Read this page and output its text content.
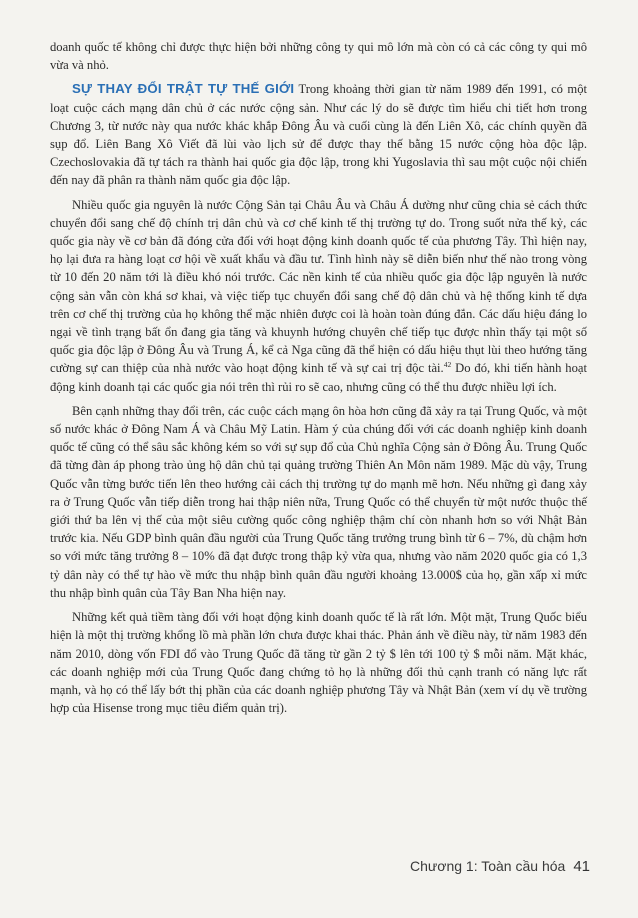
doanh quốc tế không chỉ được thực hiện bởi những công ty qui mô lớn mà còn có cả các công ty qui mô vừa và nhỏ.

SỰ THAY ĐỔI TRẬT TỰ THẾ GIỚI Trong khoảng thời gian từ năm 1989 đến 1991, có một loạt cuộc cách mạng dân chủ ở các nước cộng sản. Như các lý do sẽ được tìm hiểu chi tiết hơn trong Chương 3, từ nước này qua nước khác khắp Đông Âu và cuối cùng là đến Liên Xô, các chính quyền đã sụp đổ. Liên Bang Xô Viết đã lùi vào lịch sử để được thay thế bằng 15 nước cộng hòa độc lập. Czechoslovakia đã tự tách ra thành hai quốc gia độc lập, trong khi Yugoslavia thì sau một cuộc nội chiến đến nay đã phân ra thành năm quốc gia độc lập.

Nhiều quốc gia nguyên là nước Cộng Sản tại Châu Âu và Châu Á dường như cũng chia sẻ cách thức chuyển đổi sang chế độ chính trị dân chủ và cơ chế kinh tế thị trường tự do. Trong suốt nửa thế kỷ, các quốc gia này về cơ bản đã đóng cửa đối với hoạt động kinh doanh quốc tế của phương Tây. Thì hiện nay, họ lại đưa ra hàng loạt cơ hội về xuất khẩu và đầu tư. Tình hình này sẽ diễn biến như thế nào trong vòng từ 10 đến 20 năm tới là điều khó nói trước. Các nền kinh tế của nhiều quốc gia độc lập nguyên là nước cộng sản vẫn còn khá sơ khai, và việc tiếp tục chuyển đổi sang chế độ dân chủ và hệ thống kinh tế dựa trên cơ chế thị trường của họ không thể mặc nhiên được coi là hoàn toàn đúng đắn. Các dấu hiệu đáng lo ngại về tình trạng bất ổn đang gia tăng và khuynh hướng chuyên chế tiếp tục được nhìn thấy tại một số quốc gia độc lập ở Đông Âu và Trung Á, kể cả Nga cũng đã thể hiện có dấu hiệu thụt lùi theo hướng tăng cường sự can thiệp của nhà nước vào hoạt động kinh tế và sự cai trị độc tài.$^{42}$ Do đó, khi tiến hành hoạt động kinh doanh tại các quốc gia nói trên thì rủi ro sẽ cao, nhưng cũng có thể thu được nhiều lợi ích.

Bên cạnh những thay đổi trên, các cuộc cách mạng ôn hòa hơn cũng đã xảy ra tại Trung Quốc, và một số nước khác ở Đông Nam Á và Châu Mỹ Latin. Hàm ý của chúng đối với các doanh nghiệp kinh doanh quốc tế cũng có thể sâu sắc không kém so với sự sụp đổ của Chủ nghĩa Cộng sản ở Đông Âu. Trung Quốc đã từng đàn áp phong trào ủng hộ dân chủ tại quảng trường Thiên An Môn năm 1989. Mặc dù vậy, Trung Quốc vẫn từng bước tiến lên theo hướng cải cách thị trường tự do mạnh mẽ hơn. Nếu những gì đang xảy ra ở Trung Quốc vẫn tiếp diễn trong hai thập niên nữa, Trung Quốc có thể chuyển từ một nước thuộc thế giới thứ ba lên vị thế của một siêu cường quốc công nghiệp thậm chí còn nhanh hơn so với Nhật Bản trước kia. Nếu GDP bình quân đầu người của Trung Quốc tăng trưởng trung bình từ 6 – 7%, dù chậm hơn so với mức tăng trưởng 8 – 10% đã đạt được trong thập kỷ vừa qua, nhưng vào năm 2020 quốc gia có 1,3 tỷ dân này có thể tự hào về mức thu nhập bình quân đầu người khoảng 13.000$ của họ, gần xấp xỉ mức thu nhập bình quân của Tây Ban Nha hiện nay.

Những kết quả tiềm tàng đối với hoạt động kinh doanh quốc tế là rất lớn. Một mặt, Trung Quốc biểu hiện là một thị trường khổng lồ mà phần lớn chưa được khai thác. Phản ánh về điều này, từ năm 1983 đến năm 2010, dòng vốn FDI đổ vào Trung Quốc đã tăng từ gần 2 tỷ $ lên tới 100 tỷ $ mỗi năm. Mặt khác, các doanh nghiệp mới của Trung Quốc đang chứng tỏ họ là những đối thủ cạnh tranh có năng lực rất mạnh, và họ có thể lấy bớt thị phần của các doanh nghiệp phương Tây và Nhật Bản (xem ví dụ về trường hợp của Hisense trong mục tiêu điểm quản trị).

Chương 1: Toàn cầu hóa 41
